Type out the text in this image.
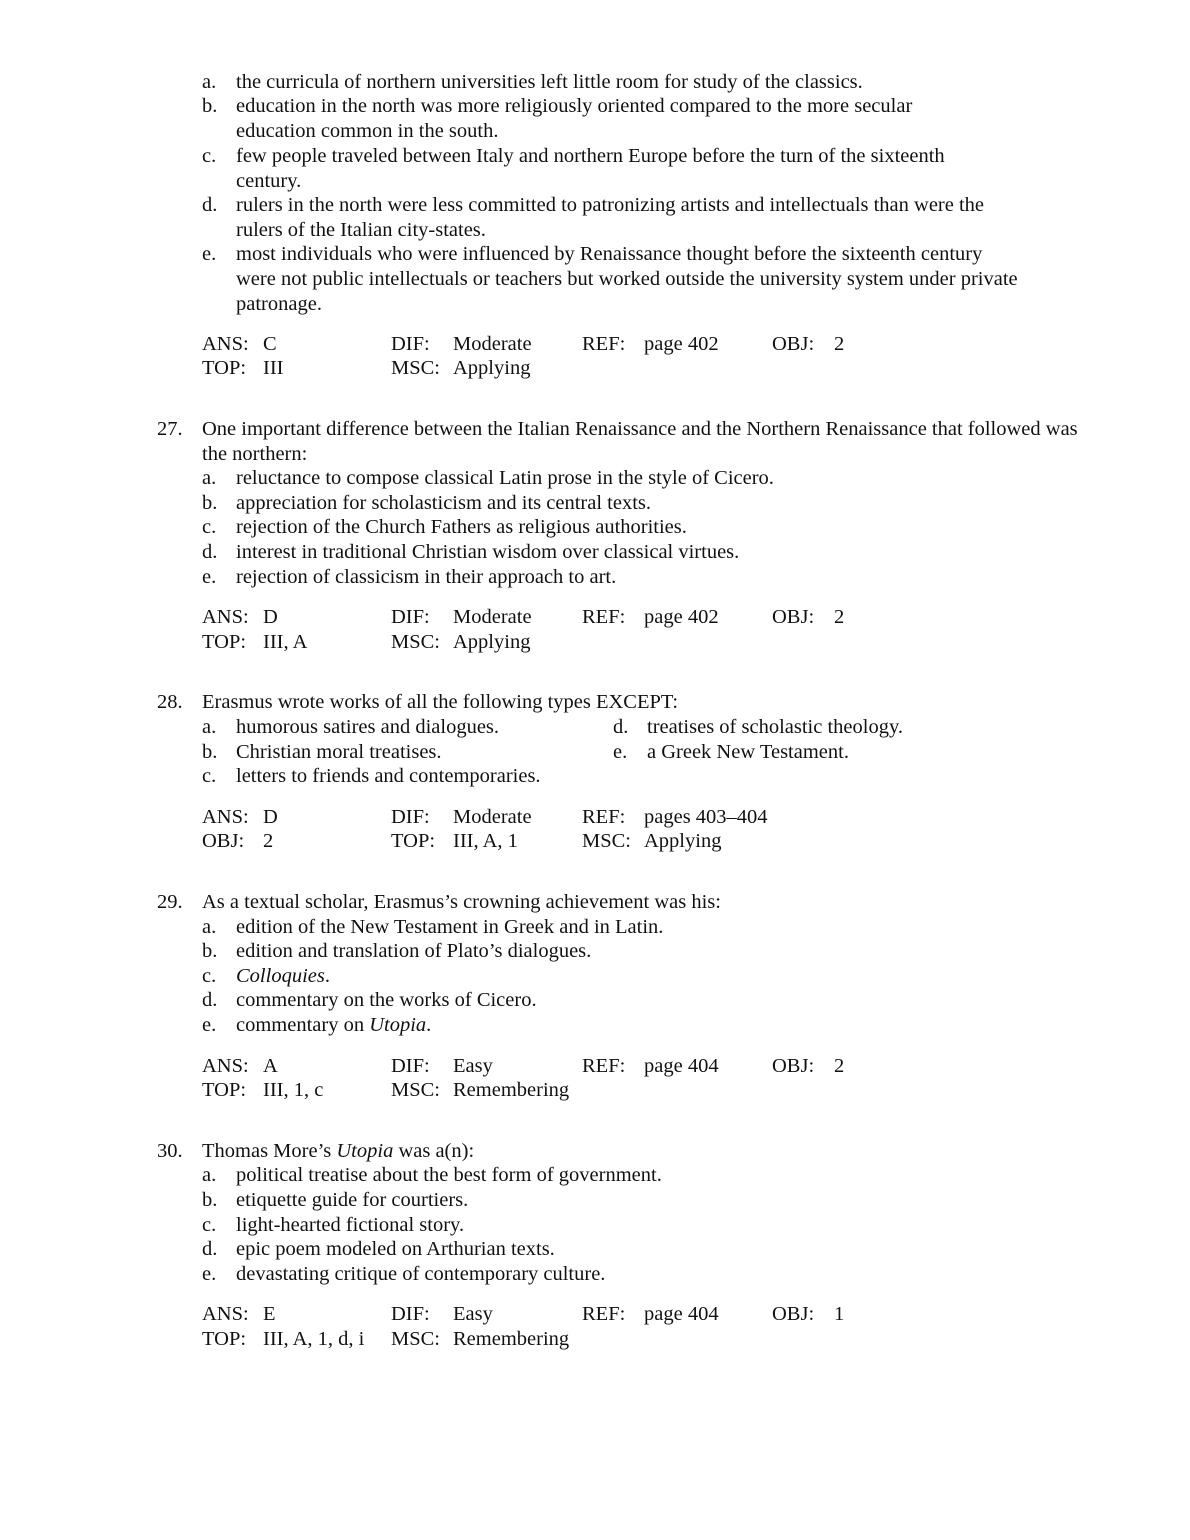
a. the curricula of northern universities left little room for study of the classics.
b. education in the north was more religiously oriented compared to the more secular education common in the south.
c. few people traveled between Italy and northern Europe before the turn of the sixteenth century.
d. rulers in the north were less committed to patronizing artists and intellectuals than were the rulers of the Italian city-states.
e. most individuals who were influenced by Renaissance thought before the sixteenth century were not public intellectuals or teachers but worked outside the university system under private patronage.
ANS: C	DIF: Moderate REF: page 402	OBJ: 2
TOP: III	MSC: Applying
27. One important difference between the Italian Renaissance and the Northern Renaissance that followed was the northern:
a. reluctance to compose classical Latin prose in the style of Cicero.
b. appreciation for scholasticism and its central texts.
c. rejection of the Church Fathers as religious authorities.
d. interest in traditional Christian wisdom over classical virtues.
e. rejection of classicism in their approach to art.
ANS: D	DIF: Moderate REF: page 402	OBJ: 2
TOP: III, A	MSC: Applying
28. Erasmus wrote works of all the following types EXCEPT:
a. humorous satires and dialogues.
b. Christian moral treatises.
c. letters to friends and contemporaries.
d. treatises of scholastic theology.
e. a Greek New Testament.
ANS: D	DIF: Moderate REF: pages 403–404
OBJ: 2	TOP: III, A, 1	MSC: Applying
29. As a textual scholar, Erasmus’s crowning achievement was his:
a. edition of the New Testament in Greek and in Latin.
b. edition and translation of Plato’s dialogues.
c. Colloquies.
d. commentary on the works of Cicero.
e. commentary on Utopia.
ANS: A	DIF: Easy	REF: page 404	OBJ: 2
TOP: III, 1, c	MSC: Remembering
30. Thomas More’s Utopia was a(n):
a. political treatise about the best form of government.
b. etiquette guide for courtiers.
c. light-hearted fictional story.
d. epic poem modeled on Arthurian texts.
e. devastating critique of contemporary culture.
ANS: E	DIF: Easy	REF: page 404	OBJ: 1
TOP: III, A, 1, d, i MSC: Remembering
